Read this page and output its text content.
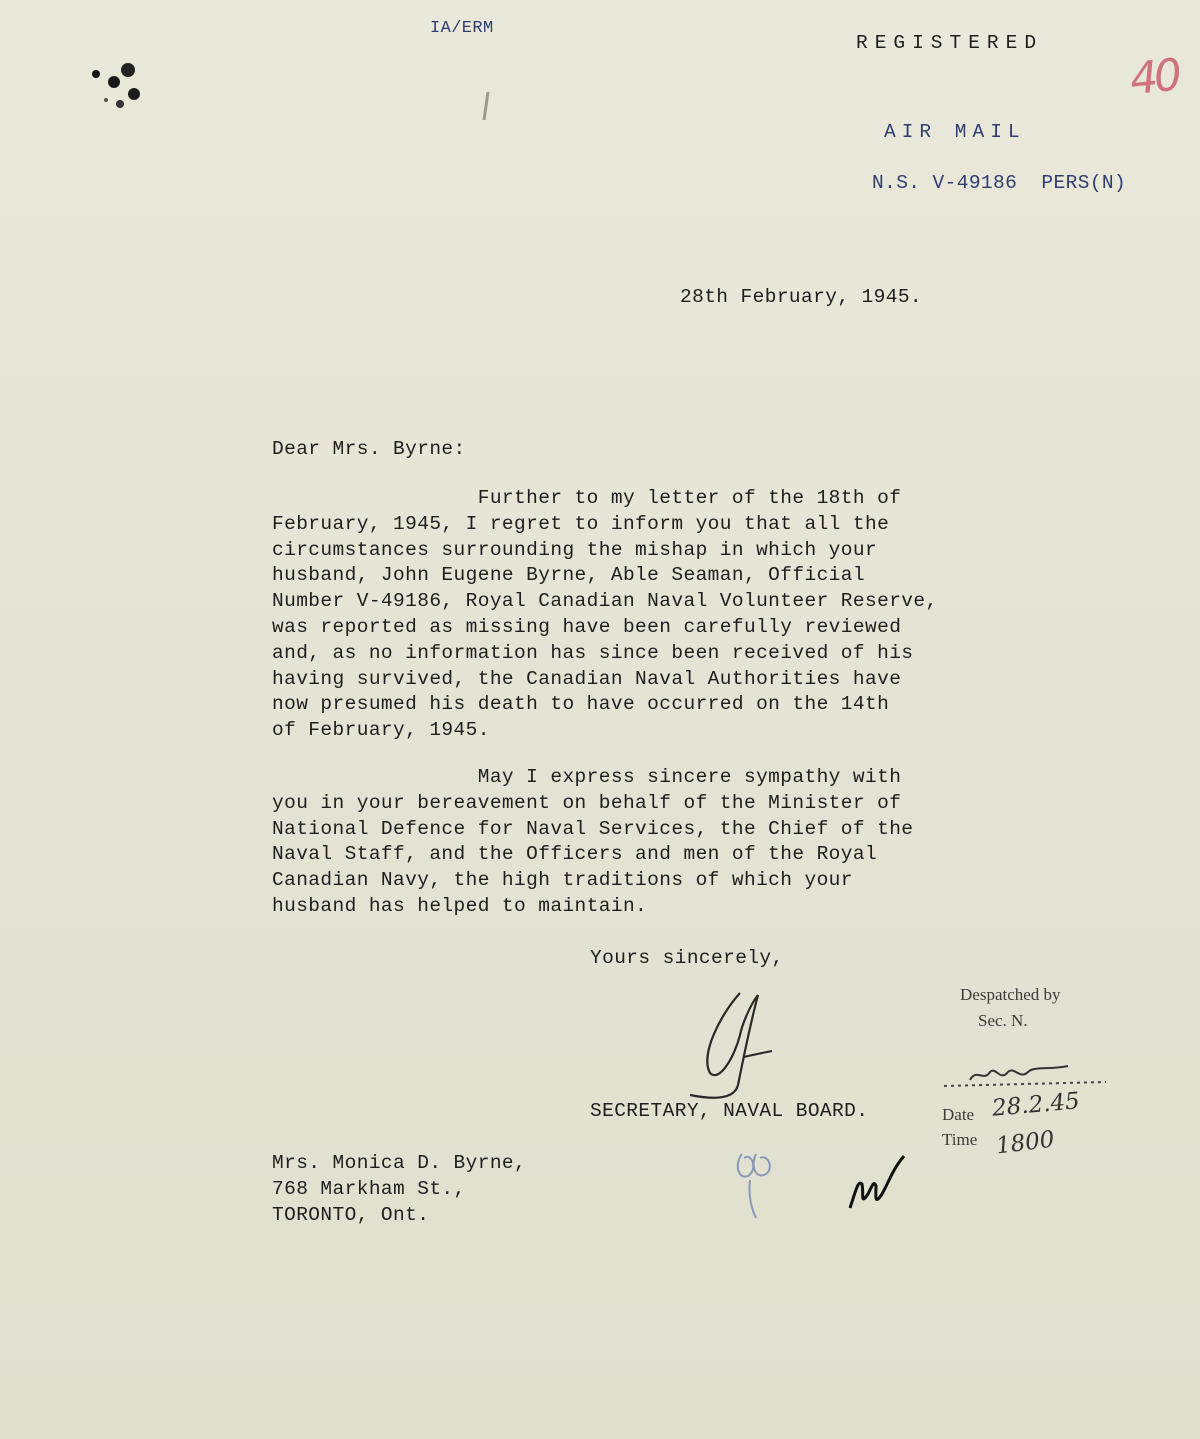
IA/ERM
REGISTERED
40
AIR MAIL
N.S. V-49186  PERS(N)
28th February, 1945.
Dear Mrs. Byrne:
Further to my letter of the 18th of
February, 1945, I regret to inform you that all the
circumstances surrounding the mishap in which your
husband, John Eugene Byrne, Able Seaman, Official
Number V-49186, Royal Canadian Naval Volunteer Reserve,
was reported as missing have been carefully reviewed
and, as no information has since been received of his
having survived, the Canadian Naval Authorities have
now presumed his death to have occurred on the 14th
of February, 1945.
May I express sincere sympathy with
you in your bereavement on behalf of the Minister of
National Defence for Naval Services, the Chief of the
Naval Staff, and the Officers and men of the Royal
Canadian Navy, the high traditions of which your
husband has helped to maintain.
Yours sincerely,
SECRETARY, NAVAL BOARD.
Despatched by
Sec. N.
Date 28.2.45
Time 1800
Mrs. Monica D. Byrne,
768 Markham St.,
TORONTO, Ont.
